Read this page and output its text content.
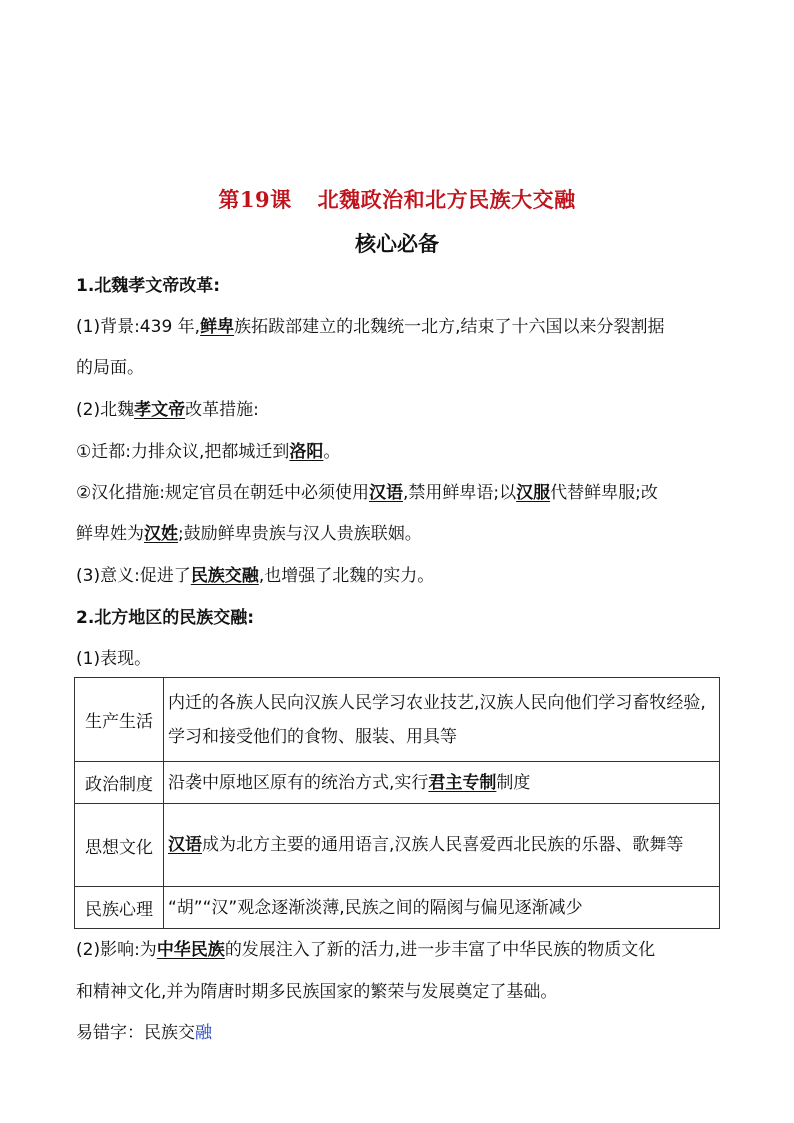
第19课 北魏政治和北方民族大交融
核心必备
1.北魏孝文帝改革:
(1)背景:439 年,鲜卑族拓跋部建立的北魏统一北方,结束了十六国以来分裂割据
的局面。
(2)北魏孝文帝改革措施:
①迁都:力排众议,把都城迁到洛阳。
②汉化措施:规定官员在朝廷中必须使用汉语,禁用鲜卑语;以汉服代替鲜卑服;改
鲜卑姓为汉姓;鼓励鲜卑贵族与汉人贵族联姻。
(3)意义:促进了民族交融,也增强了北魏的实力。
2.北方地区的民族交融:
(1)表现。
生产生活	内迁的各族人民向汉族人民学习农业技艺,汉族人民向他们学习畜牧经验,学习和接受他们的食物、服装、用具等
政治制度	沿袭中原地区原有的统治方式,实行君主专制制度
思想文化	汉语成为北方主要的通用语言,汉族人民喜爱西北民族的乐器、歌舞等
民族心理	“胡”“汉”观念逐渐淡薄,民族之间的隔阂与偏见逐渐减少
(2)影响:为中华民族的发展注入了新的活力,进一步丰富了中华民族的物质文化
和精神文化,并为隋唐时期多民族国家的繁荣与发展奠定了基础。
易错字：民族交融
